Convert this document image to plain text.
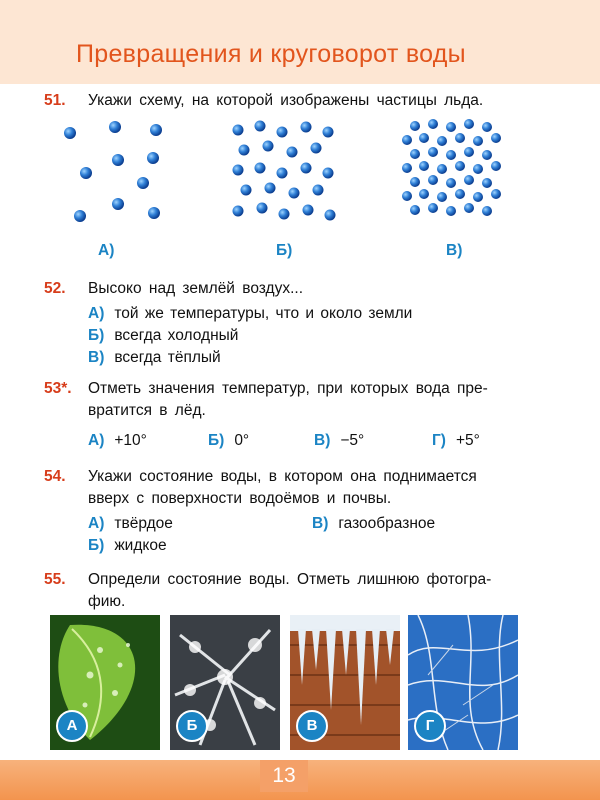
Превращения и круговорот воды
51. Укажи схему, на которой изображены частицы льда.
А)	Б)	В)
52. Высоко над землёй воздух...
А) той же температуры, что и около земли
Б) всегда холодный
В) всегда тёплый
53*. Отметь значения температур, при которых вода пре-
вратится в лёд.
А) +10°	Б) 0°	В) −5°	Г) +5°
54. Укажи состояние воды, в котором она поднимается
вверх с поверхности водоёмов и почвы.
А) твёрдое	В) газообразное
Б) жидкое
55. Определи состояние воды. Отметь лишнюю фотогра-
фию.
А	Б	В	Г
13
